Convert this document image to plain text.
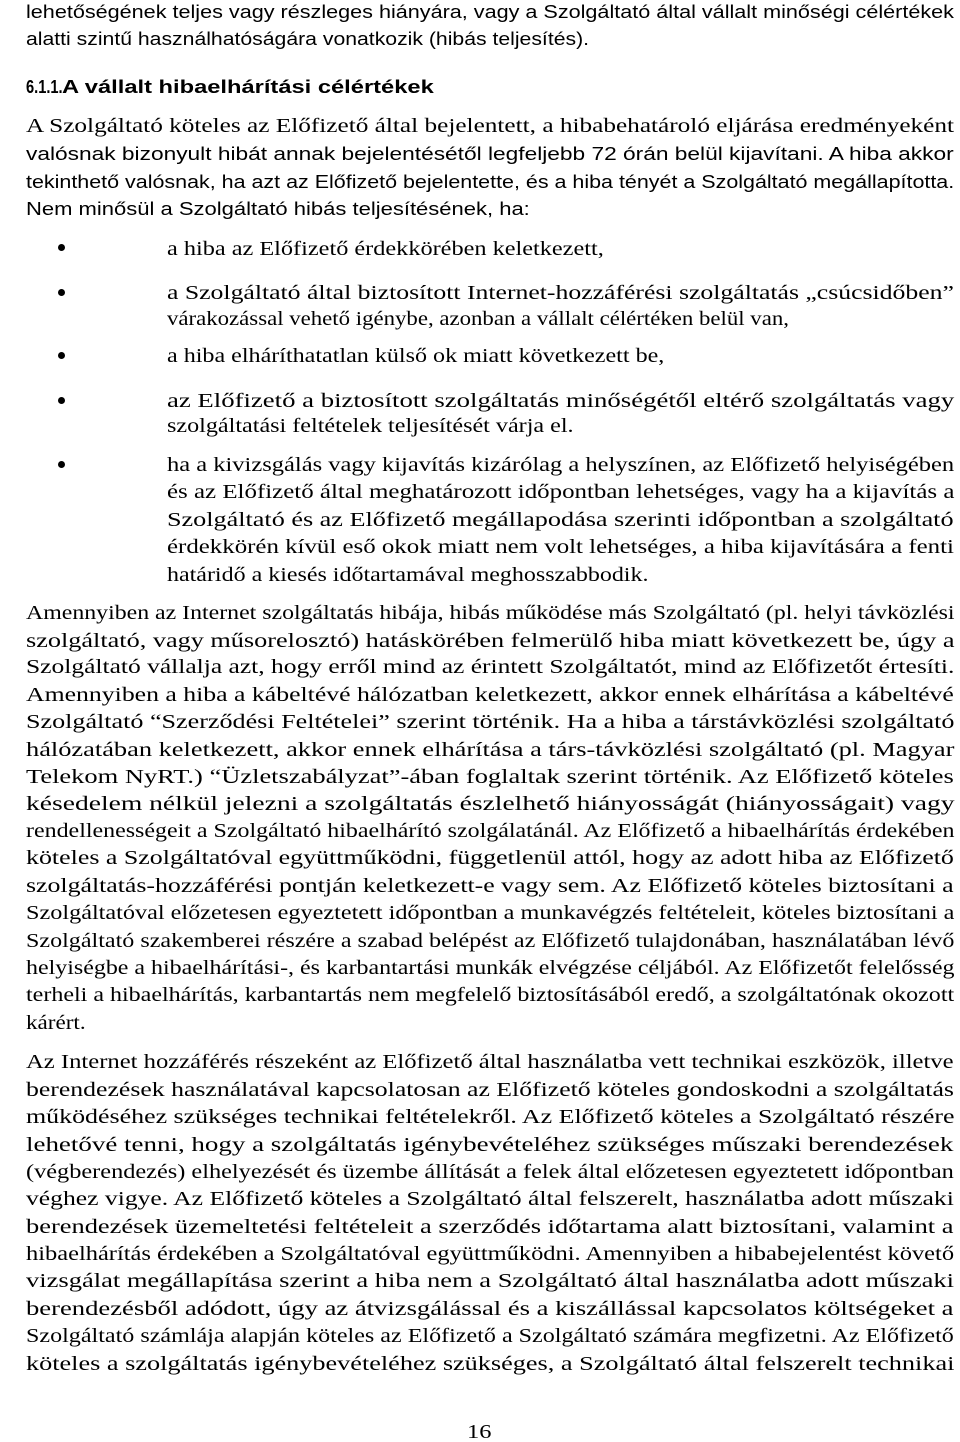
lehetőségének teljes vagy részleges hiányára, vagy a Szolgáltató által vállalt minőségi célértékek
alatti szintű használhatóságára vonatkozik (hibás teljesítés).
6.1.1. A vállalt hibaelhárítási célértékek
A Szolgáltató köteles az Előfizető által bejelentett, a hibabehatároló eljárása eredményeként
valósnak bizonyult hibát annak bejelentésétől legfeljebb 72 órán belül kijavítani. A hiba akkor
tekinthető valósnak, ha azt az Előfizető bejelentette, és a hiba tényét a Szolgáltató megállapította.
Nem minősül a Szolgáltató hibás teljesítésének, ha:
a hiba az Előfizető érdekkörében keletkezett,
a Szolgáltató által biztosított Internet-hozzáférési szolgáltatás „csúcsidőben”
várakozással vehető igénybe, azonban a vállalt célértéken belül van,
a hiba elháríthatatlan külső ok miatt következett be,
az Előfizető a biztosított szolgáltatás minőségétől eltérő szolgáltatás vagy
szolgáltatási feltételek teljesítését várja el.
ha a kivizsgálás vagy kijavítás kizárólag a helyszínen, az Előfizető helyiségében
és az Előfizető által meghatározott időpontban lehetséges, vagy ha a kijavítás a
Szolgáltató és az Előfizető megállapodása szerinti időpontban a szolgáltató
érdekkörén kívül eső okok miatt nem volt lehetséges, a hiba kijavítására a fenti
határidő a kiesés időtartamával meghosszabbodik.
Amennyiben az Internet szolgáltatás hibája, hibás működése más Szolgáltató (pl. helyi távközlési
szolgáltató, vagy műsorelosztó) hatáskörében felmerülő hiba miatt következett be, úgy a
Szolgáltató vállalja azt, hogy erről mind az érintett Szolgáltatót, mind az Előfizetőt értesíti.
Amennyiben a hiba a kábeltévé hálózatban keletkezett, akkor ennek elhárítása a kábeltévé
Szolgáltató “Szerződési Feltételei” szerint történik. Ha a hiba a társtávközlési szolgáltató
hálózatában keletkezett, akkor ennek elhárítása a társ-távközlési szolgáltató (pl. Magyar
Telekom NyRT.) “Üzletszabályzat”-ában foglaltak szerint történik. Az Előfizető köteles
késedelem nélkül jelezni a szolgáltatás észlelhető hiányosságát (hiányosságait) vagy
rendellenességeit a Szolgáltató hibaelhárító szolgálatánál. Az Előfizető a hibaelhárítás érdekében
köteles a Szolgáltatóval együttműködni, függetlenül attól, hogy az adott hiba az Előfizető
szolgáltatás-hozzáférési pontján keletkezett-e vagy sem. Az Előfizető köteles biztosítani a
Szolgáltatóval előzetesen egyeztetett időpontban a munkavégzés feltételeit, köteles biztosítani a
Szolgáltató szakemberei részére a szabad belépést az Előfizető tulajdonában, használatában lévő
helyiségbe a hibaelhárítási-, és karbantartási munkák elvégzése céljából. Az Előfizetőt felelősség
terheli a hibaelhárítás, karbantartás nem megfelelő biztosításából eredő, a szolgáltatónak okozott
kárért.
Az Internet hozzáférés részeként az Előfizető által használatba vett technikai eszközök, illetve
berendezések használatával kapcsolatosan az Előfizető köteles gondoskodni a szolgáltatás
működéséhez szükséges technikai feltételekről. Az Előfizető köteles a Szolgáltató részére
lehetővé tenni, hogy a szolgáltatás igénybevételéhez szükséges műszaki berendezések
(végberendezés) elhelyezését és üzembe állítását a felek által előzetesen egyeztetett időpontban
véghez vigye. Az Előfizető köteles a Szolgáltató által felszerelt, használatba adott műszaki
berendezések üzemeltetési feltételeit a szerződés időtartama alatt biztosítani, valamint a
hibaelhárítás érdekében a Szolgáltatóval együttműködni. Amennyiben a hibabejelentést követő
vizsgálat megállapítása szerint a hiba nem a Szolgáltató által használatba adott műszaki
berendezésből adódott, úgy az átvizsgálással és a kiszállással kapcsolatos költségeket a
Szolgáltató számlája alapján köteles az Előfizető a Szolgáltató számára megfizetni. Az Előfizető
köteles a szolgáltatás igénybevételéhez szükséges, a Szolgáltató által felszerelt technikai
16
